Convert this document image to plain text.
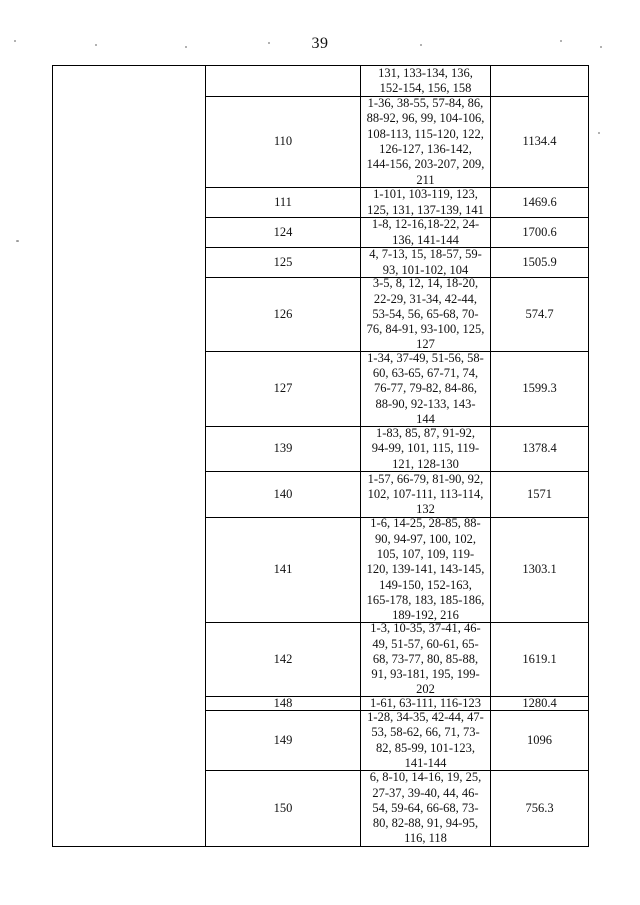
39
131, 133-134, 136,
152-154, 156, 158
110
1-36, 38-55, 57-84, 86,
88-92, 96, 99, 104-106,
108-113, 115-120, 122,
126-127, 136-142,
144-156, 203-207, 209,
211
1134.4
111
1-101, 103-119, 123,
125, 131, 137-139, 141
1469.6
124
1-8, 12-16,18-22, 24-
136, 141-144
1700.6
125
4, 7-13, 15, 18-57, 59-
93, 101-102, 104
1505.9
126
3-5, 8, 12, 14, 18-20,
22-29, 31-34, 42-44,
53-54, 56, 65-68, 70-
76, 84-91, 93-100, 125,
127
574.7
127
1-34, 37-49, 51-56, 58-
60, 63-65, 67-71, 74,
76-77, 79-82, 84-86,
88-90, 92-133, 143-
144
1599.3
139
1-83, 85, 87, 91-92,
94-99, 101, 115, 119-
121, 128-130
1378.4
140
1-57, 66-79, 81-90, 92,
102, 107-111, 113-114,
132
1571
141
1-6, 14-25, 28-85, 88-
90, 94-97, 100, 102,
105, 107, 109, 119-
120, 139-141, 143-145,
149-150, 152-163,
165-178, 183, 185-186,
189-192, 216
1303.1
142
1-3, 10-35, 37-41, 46-
49, 51-57, 60-61, 65-
68, 73-77, 80, 85-88,
91, 93-181, 195, 199-
202
1619.1
148	1-61, 63-111, 116-123	1280.4
149
1-28, 34-35, 42-44, 47-
53, 58-62, 66, 71, 73-
82, 85-99, 101-123,
141-144
1096
150
6, 8-10, 14-16, 19, 25,
27-37, 39-40, 44, 46-
54, 59-64, 66-68, 73-
80, 82-88, 91, 94-95,
116, 118
756.3
